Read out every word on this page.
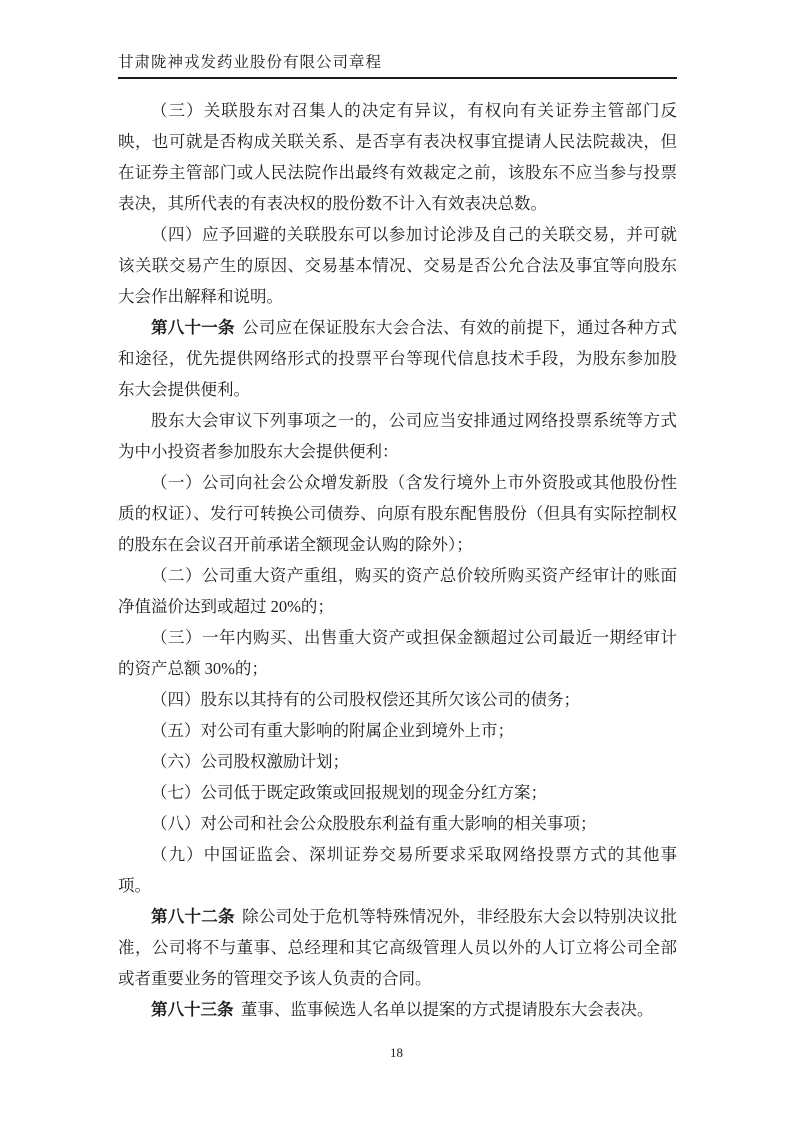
甘肃陇神戎发药业股份有限公司章程

（三）关联股东对召集人的决定有异议，有权向有关证券主管部门反映，也可就是否构成关联关系、是否享有表决权事宜提请人民法院裁决，但在证券主管部门或人民法院作出最终有效裁定之前，该股东不应当参与投票表决，其所代表的有表决权的股份数不计入有效表决总数。

（四）应予回避的关联股东可以参加讨论涉及自己的关联交易，并可就该关联交易产生的原因、交易基本情况、交易是否公允合法及事宜等向股东大会作出解释和说明。

第八十一条 公司应在保证股东大会合法、有效的前提下，通过各种方式和途径，优先提供网络形式的投票平台等现代信息技术手段，为股东参加股东大会提供便利。

股东大会审议下列事项之一的，公司应当安排通过网络投票系统等方式为中小投资者参加股东大会提供便利：

（一）公司向社会公众增发新股（含发行境外上市外资股或其他股份性质的权证）、发行可转换公司债券、向原有股东配售股份（但具有实际控制权的股东在会议召开前承诺全额现金认购的除外）；

（二）公司重大资产重组，购买的资产总价较所购买资产经审计的账面净值溢价达到或超过 20%的；

（三）一年内购买、出售重大资产或担保金额超过公司最近一期经审计的资产总额 30%的；

（四）股东以其持有的公司股权偿还其所欠该公司的债务；

（五）对公司有重大影响的附属企业到境外上市；

（六）公司股权激励计划；

（七）公司低于既定政策或回报规划的现金分红方案；

（八）对公司和社会公众股股东利益有重大影响的相关事项；

（九）中国证监会、深圳证券交易所要求采取网络投票方式的其他事项。

第八十二条 除公司处于危机等特殊情况外，非经股东大会以特别决议批准，公司将不与董事、总经理和其它高级管理人员以外的人订立将公司全部或者重要业务的管理交予该人负责的合同。

第八十三条 董事、监事候选人名单以提案的方式提请股东大会表决。

18
